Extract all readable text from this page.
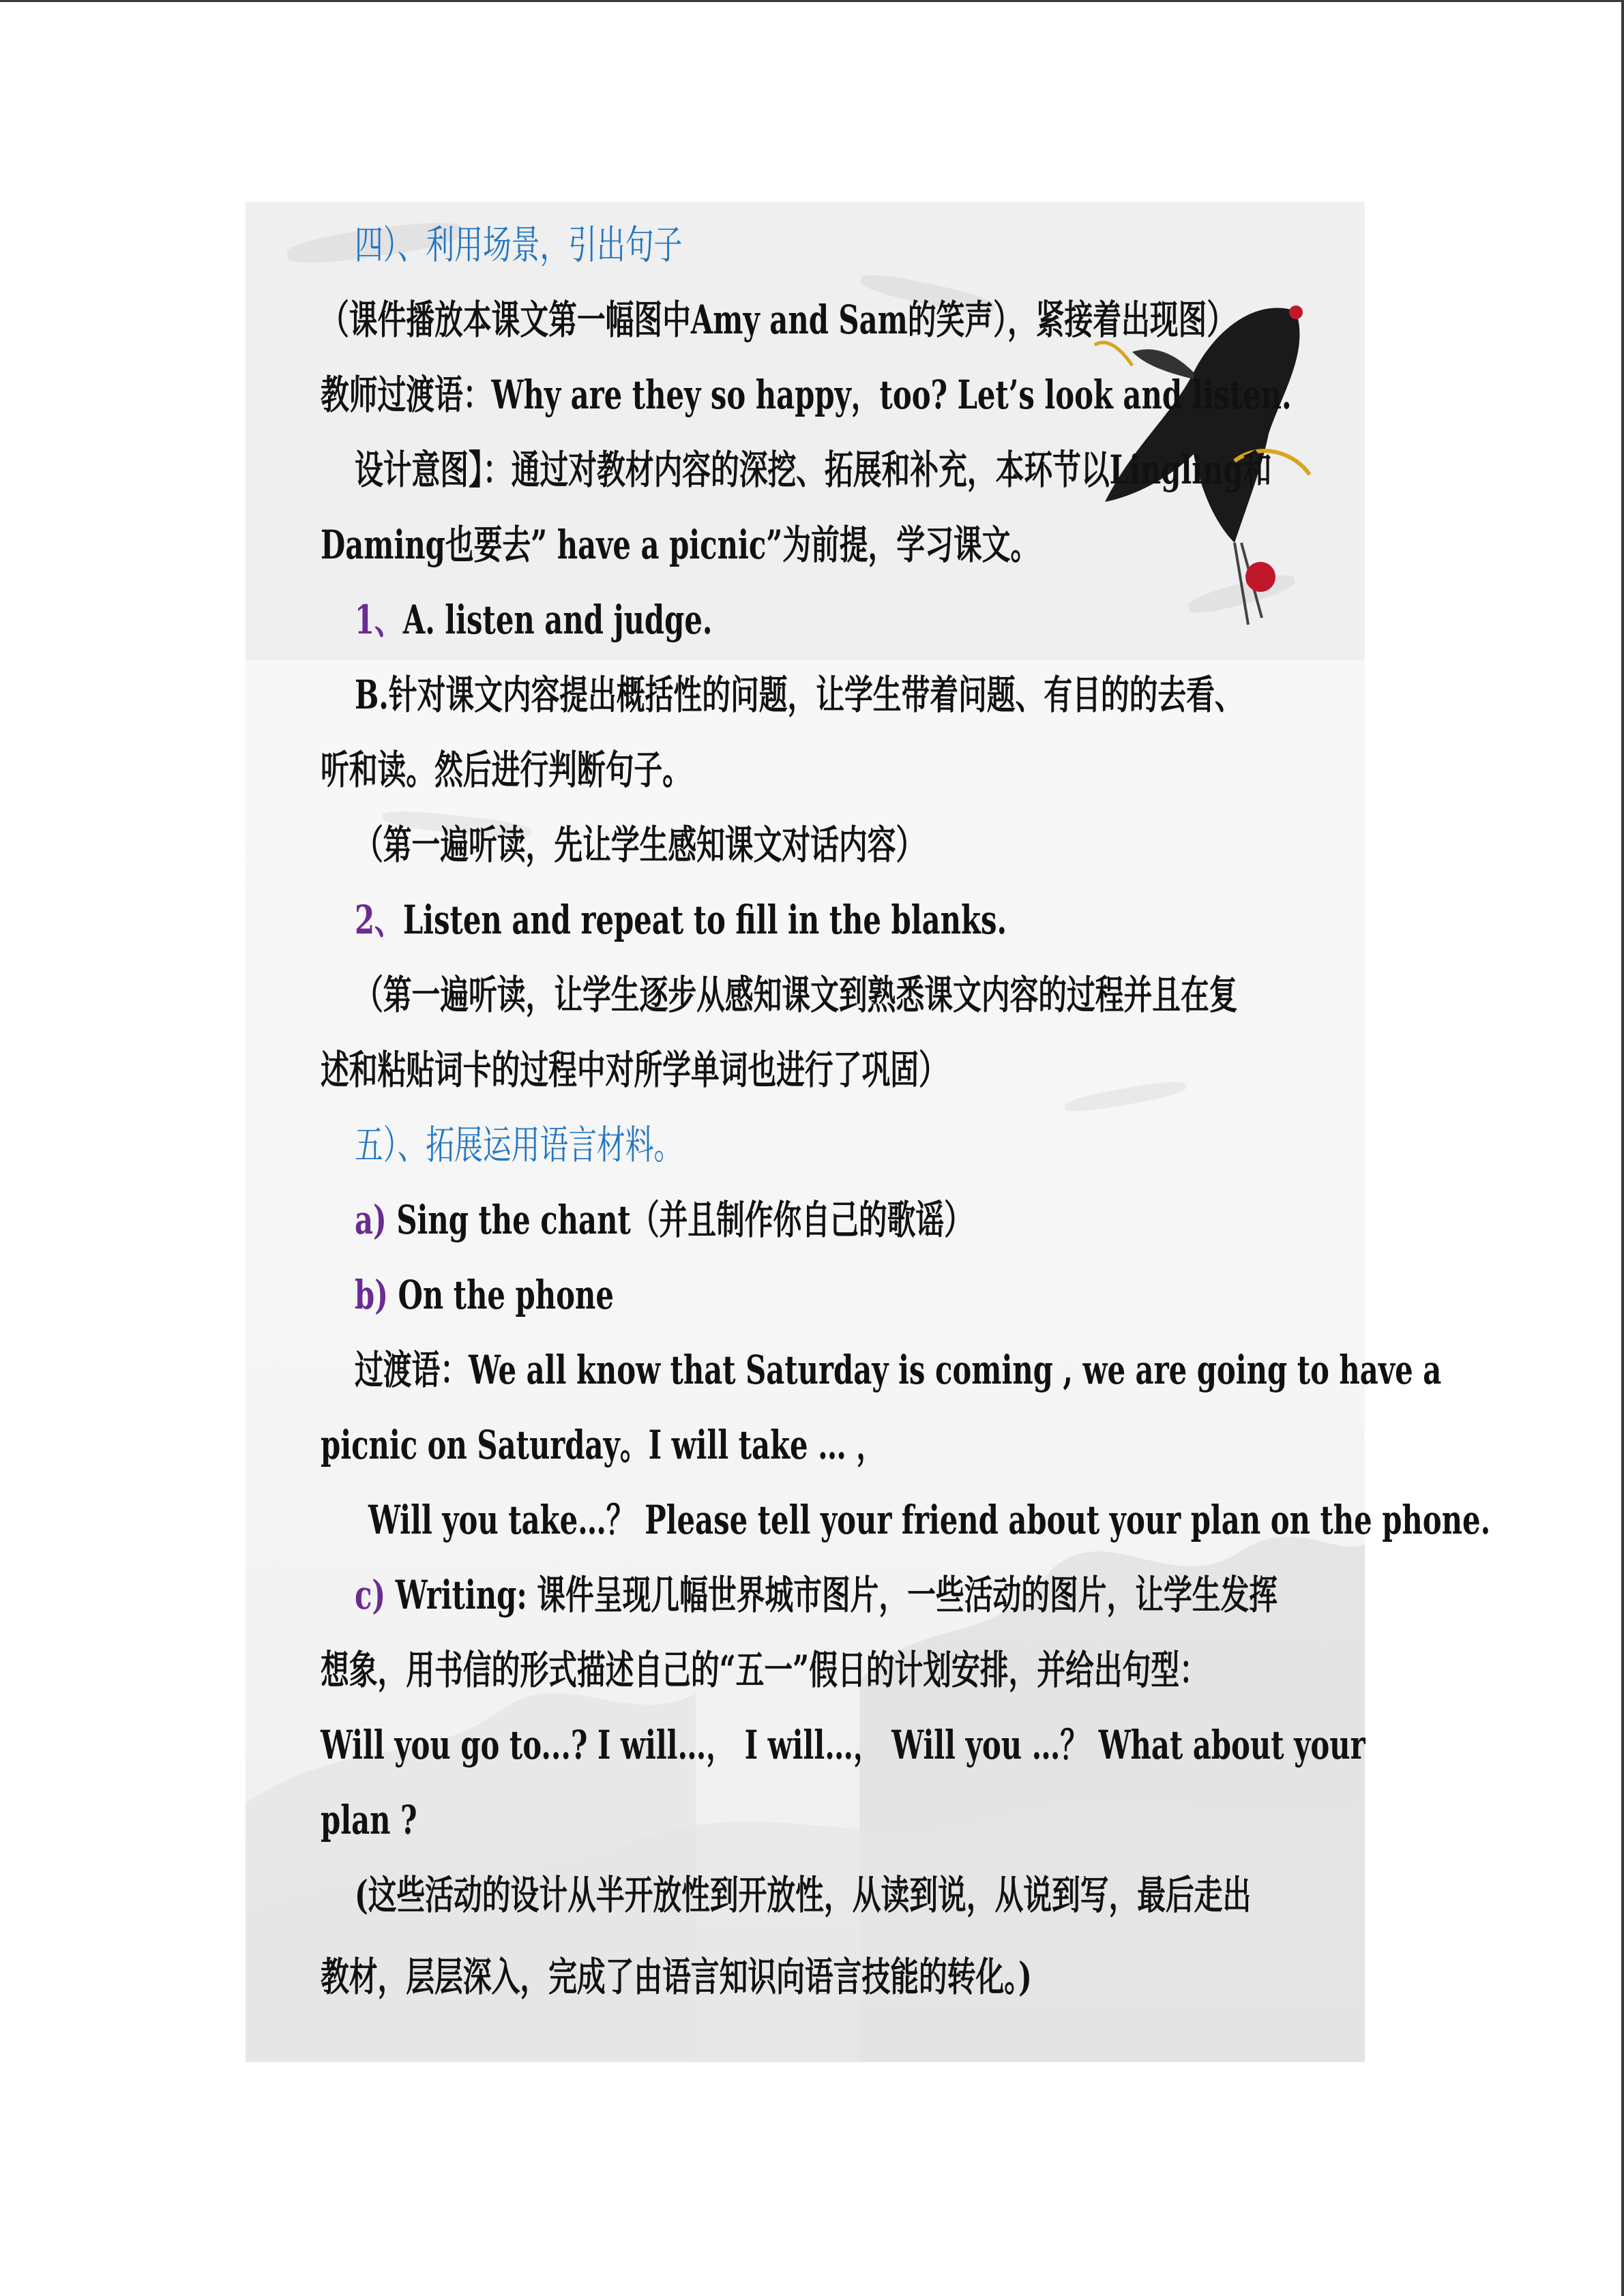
四）、利用场景，引出句子
（课件播放本课文第一幅图中Amy and Sam的笑声），紧接着出现图）
教师过渡语：Why are they so happy，too? Let’s look and listen.
设计意图】：通过对教材内容的深挖、拓展和补充，本环节以Lingling和
Daming也要去” have a picnic”为前提，学习课文。
1、A. listen and judge.
B.针对课文内容提出概括性的问题，让学生带着问题、有目的的去看、
听和读。然后进行判断句子。
（第一遍听读，先让学生感知课文对话内容）
2、Listen and repeat to fill in the blanks.
（第一遍听读，让学生逐步从感知课文到熟悉课文内容的过程并且在复
述和粘贴词卡的过程中对所学单词也进行了巩固）
五）、拓展运用语言材料。
a) Sing the chant（并且制作你自己的歌谣）
b) On the phone
过渡语：We all know that Saturday is coming , we are going to have a
picnic on Saturday。I will take … ，
Will you take…？ Please tell your friend about your plan on the phone.
c) Writing: 课件呈现几幅世界城市图片，一些活动的图片，让学生发挥
想象，用书信的形式描述自己的“五一”假日的计划安排，并给出句型：
Will you go to...? I will…， I will…， Will you …？ What about your
plan ?
(这些活动的设计从半开放性到开放性，从读到说，从说到写，最后走出
教材，层层深入，完成了由语言知识向语言技能的转化。)
